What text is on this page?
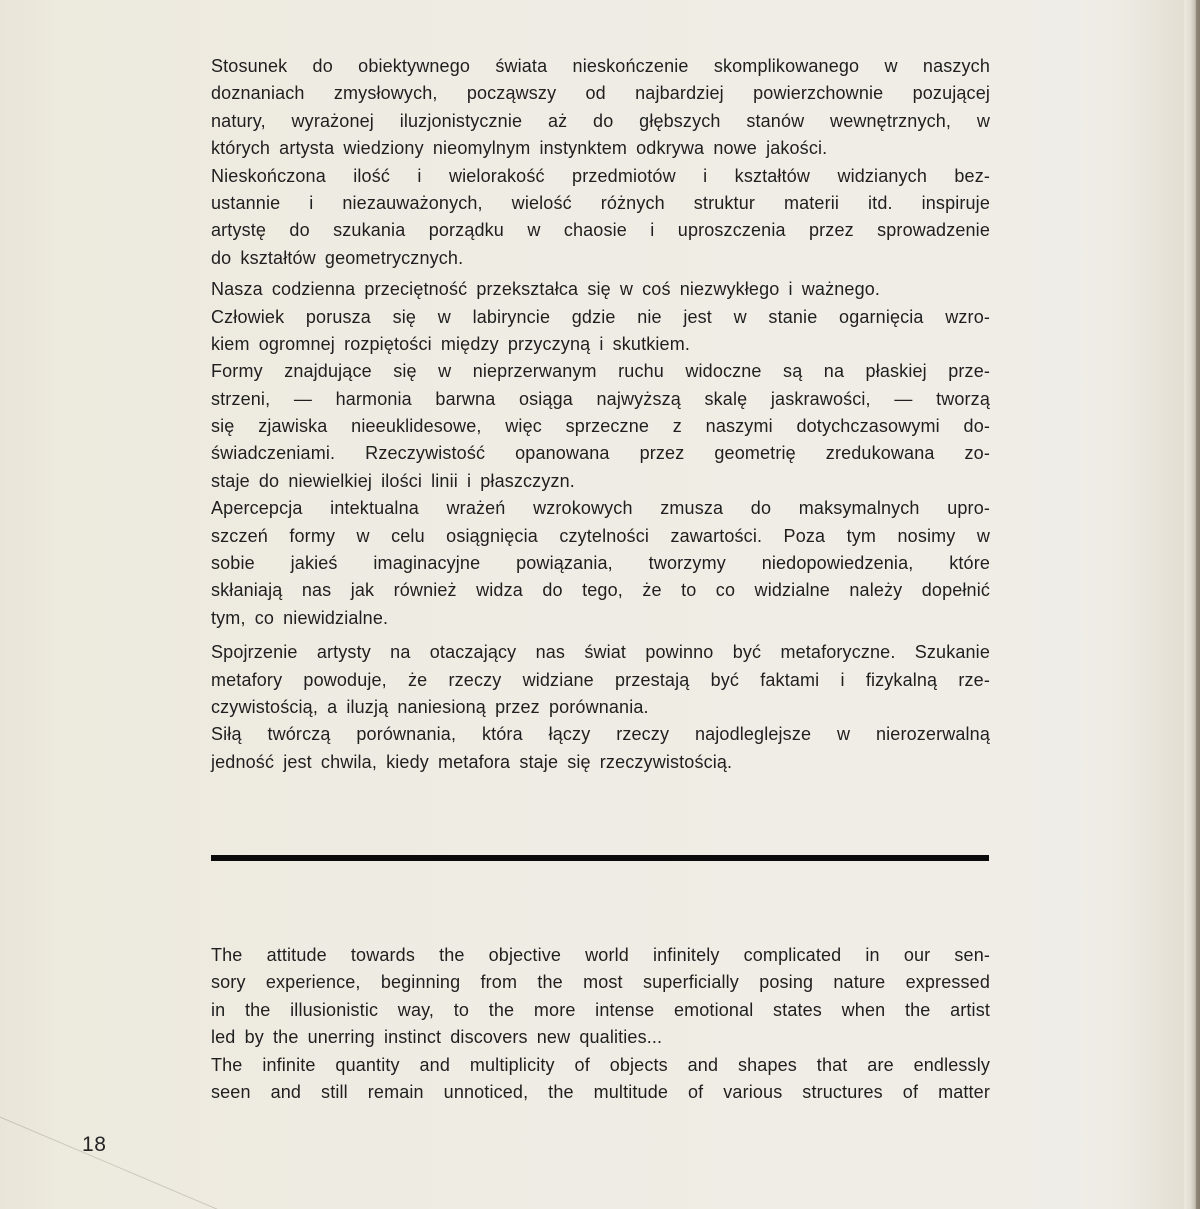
Stosunek do obiektywnego świata nieskończenie skomplikowanego w naszych
doznaniach zmysłowych, począwszy od najbardziej powierzchownie pozującej
natury, wyrażonej iluzjonistycznie aż do głębszych stanów wewnętrznych, w
których artysta wiedziony nieomylnym instynktem odkrywa nowe jakości.
Nieskończona ilość i wielorakość przedmiotów i kształtów widzianych bez-
ustannie i niezauważonych, wielość różnych struktur materii itd. inspiruje
artystę do szukania porządku w chaosie i uproszczenia przez sprowadzenie
do kształtów geometrycznych.
Nasza codzienna przeciętność przekształca się w coś niezwykłego i ważnego.
Człowiek porusza się w labiryncie gdzie nie jest w stanie ogarnięcia wzro-
kiem ogromnej rozpiętości między przyczyną i skutkiem.
Formy znajdujące się w nieprzerwanym ruchu widoczne są na płaskiej prze-
strzeni, — harmonia barwna osiąga najwyższą skalę jaskrawości, — tworzą
się zjawiska nieeuklidesowe, więc sprzeczne z naszymi dotychczasowymi do-
świadczeniami. Rzeczywistość opanowana przez geometrię zredukowana zo-
staje do niewielkiej ilości linii i płaszczyzn.
Apercepcja intektualna wrażeń wzrokowych zmusza do maksymalnych upro-
szczeń formy w celu osiągnięcia czytelności zawartości. Poza tym nosimy w
sobie jakieś imaginacyjne powiązania, tworzymy niedopowiedzenia, które
skłaniają nas jak również widza do tego, że to co widzialne należy dopełnić
tym, co niewidzialne.
Spojrzenie artysty na otaczający nas świat powinno być metaforyczne. Szukanie
metafory powoduje, że rzeczy widziane przestają być faktami i fizykalną rze-
czywistością, a iluzją naniesioną przez porównania.
Siłą twórczą porównania, która łączy rzeczy najodleglejsze w nierozerwalną
jedność jest chwila, kiedy metafora staje się rzeczywistością.
The attitude towards the objective world infinitely complicated in our sen-
sory experience, beginning from the most superficially posing nature expressed
in the illusionistic way, to the more intense emotional states when the artist
led by the unerring instinct discovers new qualities...
The infinite quantity and multiplicity of objects and shapes that are endlessly
seen and still remain unnoticed, the multitude of various structures of matter
18
